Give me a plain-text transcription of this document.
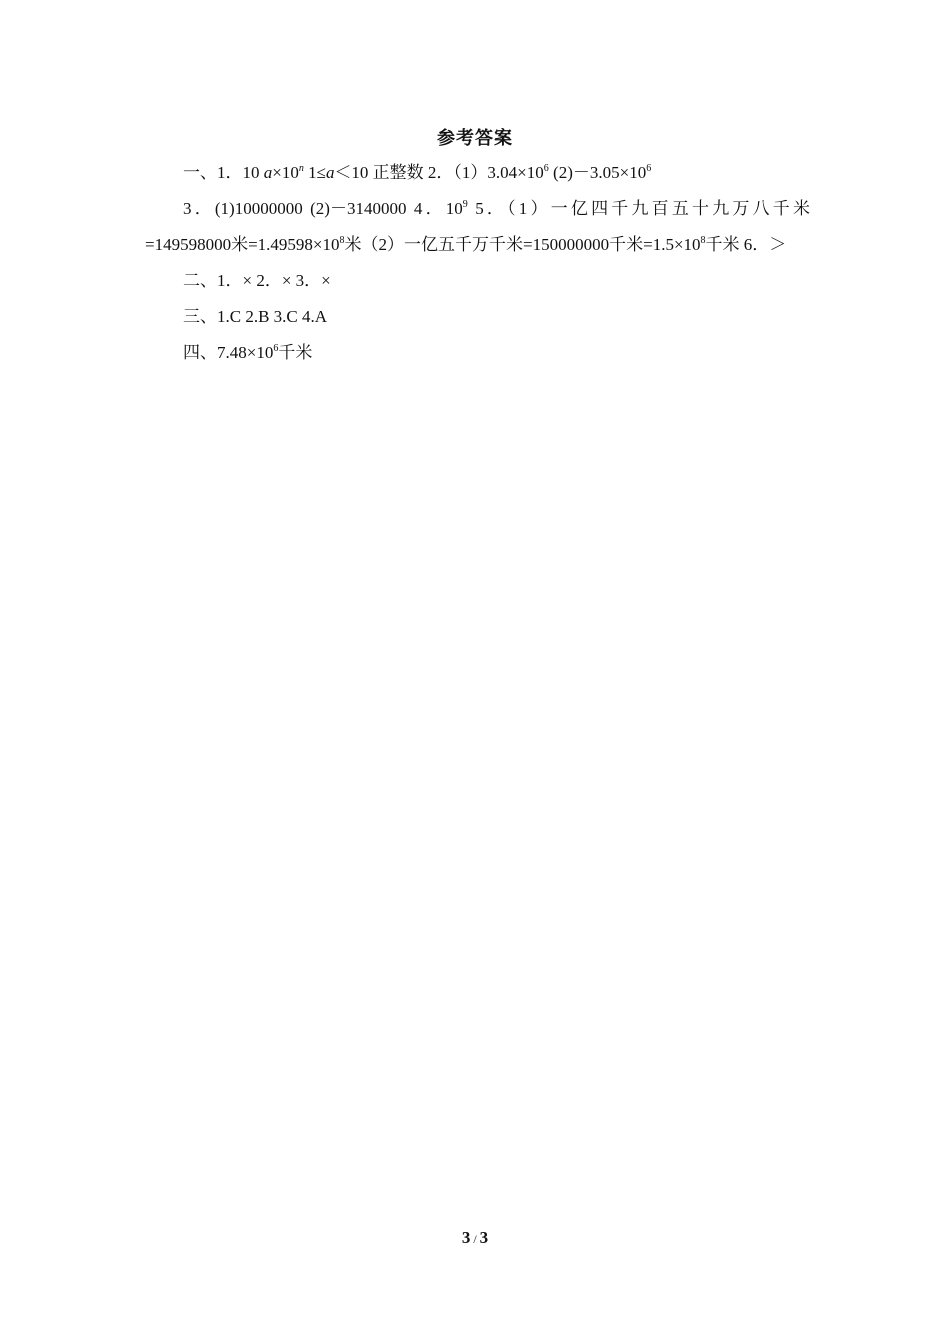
参考答案

一、1．10 $a\times 10^n$ 1≤a＜10 正整数 2．$(1)3.04\times 10^6$ $(2)-3.05\times 10^6$

3．(1)10000000 (2)－3140000 4．$10^9$ 5．（1）一亿四千九百五十九万八千米=149598000米$=1.49598\times 10^8$米（2）一亿五千万千米=150000000千米$=1.5\times 10^8$千米 6．＞

二、1．× 2．× 3．×

三、1.C 2.B 3.C 4.A

四、$7.48\times 10^6$千米

3 / 3
